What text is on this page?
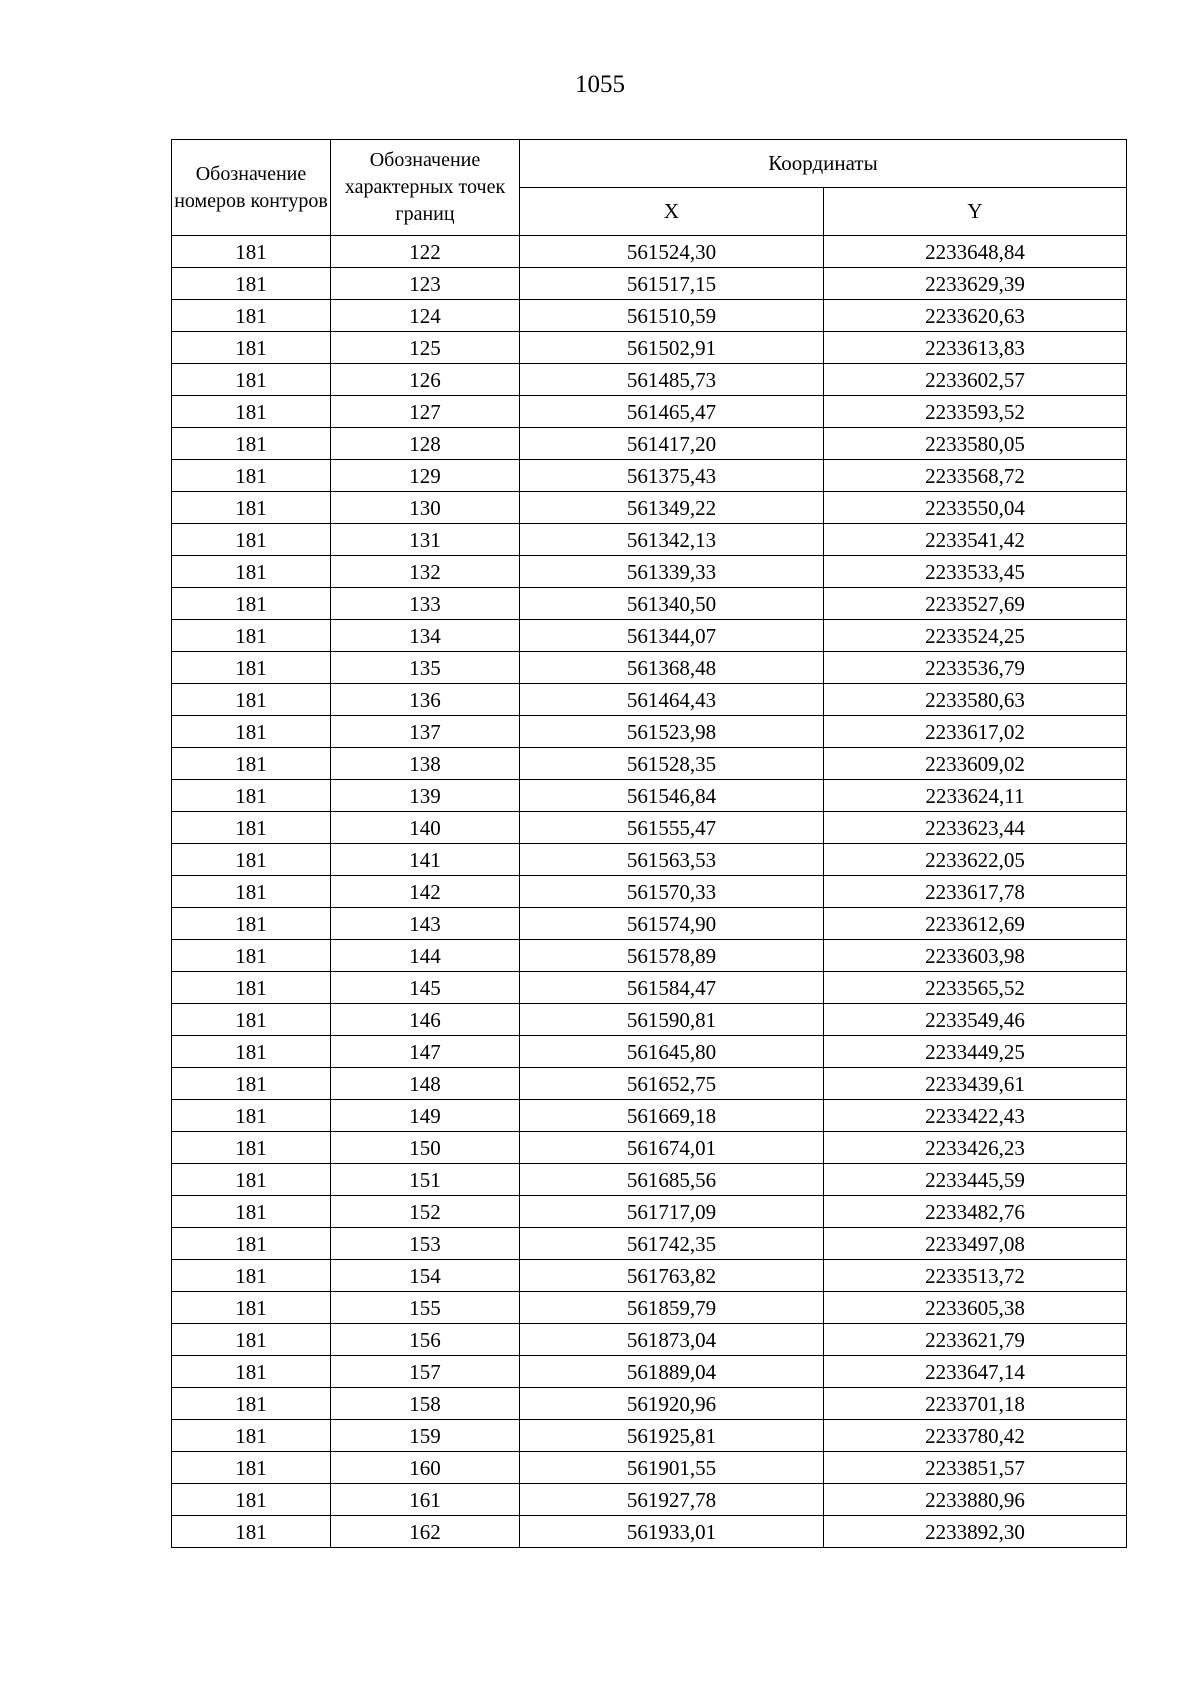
1055
Обозначение номеров контуров	Обозначение характерных точек границ	Координаты	
		X	Y
181	122	561524,30	2233648,84
181	123	561517,15	2233629,39
181	124	561510,59	2233620,63
181	125	561502,91	2233613,83
181	126	561485,73	2233602,57
181	127	561465,47	2233593,52
181	128	561417,20	2233580,05
181	129	561375,43	2233568,72
181	130	561349,22	2233550,04
181	131	561342,13	2233541,42
181	132	561339,33	2233533,45
181	133	561340,50	2233527,69
181	134	561344,07	2233524,25
181	135	561368,48	2233536,79
181	136	561464,43	2233580,63
181	137	561523,98	2233617,02
181	138	561528,35	2233609,02
181	139	561546,84	2233624,11
181	140	561555,47	2233623,44
181	141	561563,53	2233622,05
181	142	561570,33	2233617,78
181	143	561574,90	2233612,69
181	144	561578,89	2233603,98
181	145	561584,47	2233565,52
181	146	561590,81	2233549,46
181	147	561645,80	2233449,25
181	148	561652,75	2233439,61
181	149	561669,18	2233422,43
181	150	561674,01	2233426,23
181	151	561685,56	2233445,59
181	152	561717,09	2233482,76
181	153	561742,35	2233497,08
181	154	561763,82	2233513,72
181	155	561859,79	2233605,38
181	156	561873,04	2233621,79
181	157	561889,04	2233647,14
181	158	561920,96	2233701,18
181	159	561925,81	2233780,42
181	160	561901,55	2233851,57
181	161	561927,78	2233880,96
181	162	561933,01	2233892,30
